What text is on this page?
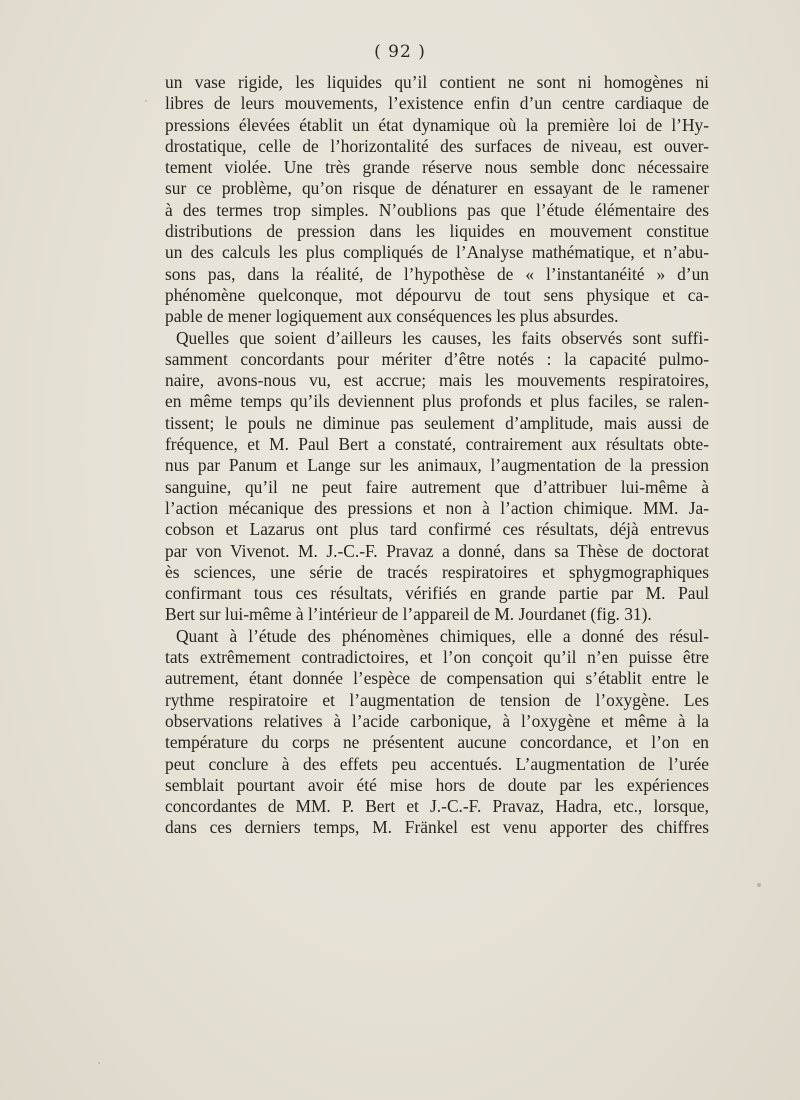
( 92 )
un vase rigide, les liquides qu’il contient ne sont ni homogènes ni
libres de leurs mouvements, l’existence enfin d’un centre cardiaque de
pressions élevées établit un état dynamique où la première loi de l’Hy-
drostatique, celle de l’horizontalité des surfaces de niveau, est ouver-
tement violée. Une très grande réserve nous semble donc nécessaire
sur ce problème, qu’on risque de dénaturer en essayant de le ramener
à des termes trop simples. N’oublions pas que l’étude élémentaire des
distributions de pression dans les liquides en mouvement constitue
un des calculs les plus compliqués de l’Analyse mathématique, et n’abu-
sons pas, dans la réalité, de l’hypothèse de « l’instantanéité » d’un
phénomène quelconque, mot dépourvu de tout sens physique et ca-
pable de mener logiquement aux conséquences les plus absurdes.
Quelles que soient d’ailleurs les causes, les faits observés sont suffi-
samment concordants pour mériter d’être notés : la capacité pulmo-
naire, avons-nous vu, est accrue; mais les mouvements respiratoires,
en même temps qu’ils deviennent plus profonds et plus faciles, se ralen-
tissent; le pouls ne diminue pas seulement d’amplitude, mais aussi de
fréquence, et M. Paul Bert a constaté, contrairement aux résultats obte-
nus par Panum et Lange sur les animaux, l’augmentation de la pression
sanguine, qu’il ne peut faire autrement que d’attribuer lui-même à
l’action mécanique des pressions et non à l’action chimique. MM. Ja-
cobson et Lazarus ont plus tard confirmé ces résultats, déjà entrevus
par von Vivenot. M. J.-C.-F. Pravaz a donné, dans sa Thèse de doctorat
ès sciences, une série de tracés respiratoires et sphygmographiques
confirmant tous ces résultats, vérifiés en grande partie par M. Paul
Bert sur lui-même à l’intérieur de l’appareil de M. Jourdanet (fig. 31).
Quant à l’étude des phénomènes chimiques, elle a donné des résul-
tats extrêmement contradictoires, et l’on conçoit qu’il n’en puisse être
autrement, étant donnée l’espèce de compensation qui s’établit entre le
rythme respiratoire et l’augmentation de tension de l’oxygène. Les
observations relatives à l’acide carbonique, à l’oxygène et même à la
température du corps ne présentent aucune concordance, et l’on en
peut conclure à des effets peu accentués. L’augmentation de l’urée
semblait pourtant avoir été mise hors de doute par les expériences
concordantes de MM. P. Bert et J.-C.-F. Pravaz, Hadra, etc., lorsque,
dans ces derniers temps, M. Fränkel est venu apporter des chiffres
